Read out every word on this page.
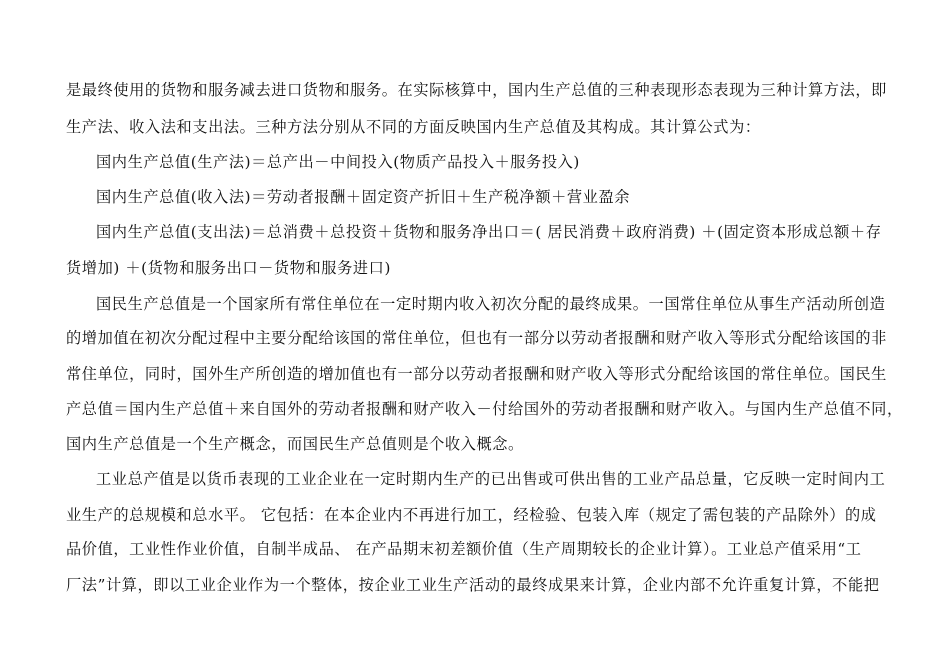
是最终使用的货物和服务减去进口货物和服务。在实际核算中，国内生产总值的三种表现形态表现为三种计算方法，即
生产法、收入法和支出法。三种方法分别从不同的方面反映国内生产总值及其构成。其计算公式为：
国内生产总值(生产法)＝总产出－中间投入(物质产品投入＋服务投入)
国内生产总值(收入法)＝劳动者报酬＋固定资产折旧＋生产税净额＋营业盈余
国内生产总值(支出法)＝总消费＋总投资＋货物和服务净出口＝( 居民消费＋政府消费) ＋(固定资本形成总额＋存
货增加) ＋(货物和服务出口－货物和服务进口)
国民生产总值是一个国家所有常住单位在一定时期内收入初次分配的最终成果。一国常住单位从事生产活动所创造
的增加值在初次分配过程中主要分配给该国的常住单位，但也有一部分以劳动者报酬和财产收入等形式分配给该国的非
常住单位，同时，国外生产所创造的增加值也有一部分以劳动者报酬和财产收入等形式分配给该国的常住单位。国民生
产总值＝国内生产总值＋来自国外的劳动者报酬和财产收入－付给国外的劳动者报酬和财产收入。与国内生产总值不同，
国内生产总值是一个生产概念，而国民生产总值则是个收入概念。
工业总产值是以货币表现的工业企业在一定时期内生产的已出售或可供出售的工业产品总量，它反映一定时间内工
业生产的总规模和总水平。 它包括：在本企业内不再进行加工，经检验、包装入库（规定了需包装的产品除外）的成
品价值，工业性作业价值，自制半成品、 在产品期末初差额价值（生产周期较长的企业计算）。工业总产值采用“工
厂法”计算，即以工业企业作为一个整体，按企业工业生产活动的最终成果来计算，企业内部不允许重复计算，不能把
